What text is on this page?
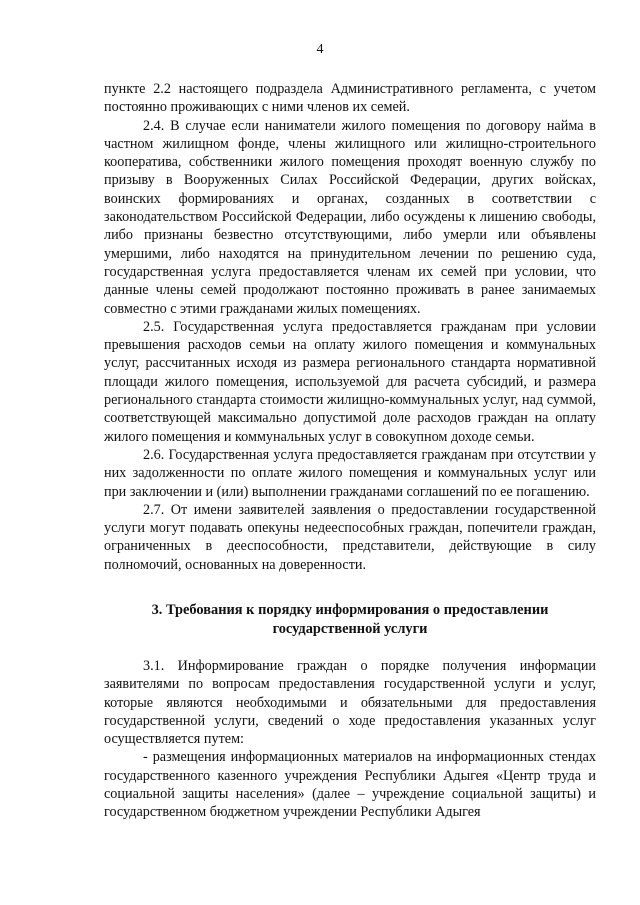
4

пункте 2.2 настоящего подраздела Административного регламента, с учетом постоянно проживающих с ними членов их семей.

2.4. В случае если наниматели жилого помещения по договору найма в частном жилищном фонде, члены жилищного или жилищно-строительного кооператива, собственники жилого помещения проходят военную службу по призыву в Вооруженных Силах Российской Федерации, других войсках, воинских формированиях и органах, созданных в соответствии с законодательством Российской Федерации, либо осуждены к лишению свободы, либо признаны безвестно отсутствующими, либо умерли или объявлены умершими, либо находятся на принудительном лечении по решению суда, государственная услуга предоставляется членам их семей при условии, что данные члены семей продолжают постоянно проживать в ранее занимаемых совместно с этими гражданами жилых помещениях.

2.5. Государственная услуга предоставляется гражданам при условии превышения расходов семьи на оплату жилого помещения и коммунальных услуг, рассчитанных исходя из размера регионального стандарта нормативной площади жилого помещения, используемой для расчета субсидий, и размера регионального стандарта стоимости жилищно-коммунальных услуг, над суммой, соответствующей максимально допустимой доле расходов граждан на оплату жилого помещения и коммунальных услуг в совокупном доходе семьи.

2.6. Государственная услуга предоставляется гражданам при отсутствии у них задолженности по оплате жилого помещения и коммунальных услуг или при заключении и (или) выполнении гражданами соглашений по ее погашению.

2.7. От имени заявителей заявления о предоставлении государственной услуги могут подавать опекуны недееспособных граждан, попечители граждан, ограниченных в дееспособности, представители, действующие в силу полномочий, основанных на доверенности.

3. Требования к порядку информирования о предоставлении
государственной услуги

3.1. Информирование граждан о порядке получения информации заявителями по вопросам предоставления государственной услуги и услуг, которые являются необходимыми и обязательными для предоставления государственной услуги, сведений о ходе предоставления указанных услуг осуществляется путем:

- размещения информационных материалов на информационных стендах государственного казенного учреждения Республики Адыгея «Центр труда и социальной защиты населения» (далее – учреждение социальной защиты) и государственном бюджетном учреждении Республики Адыгея
